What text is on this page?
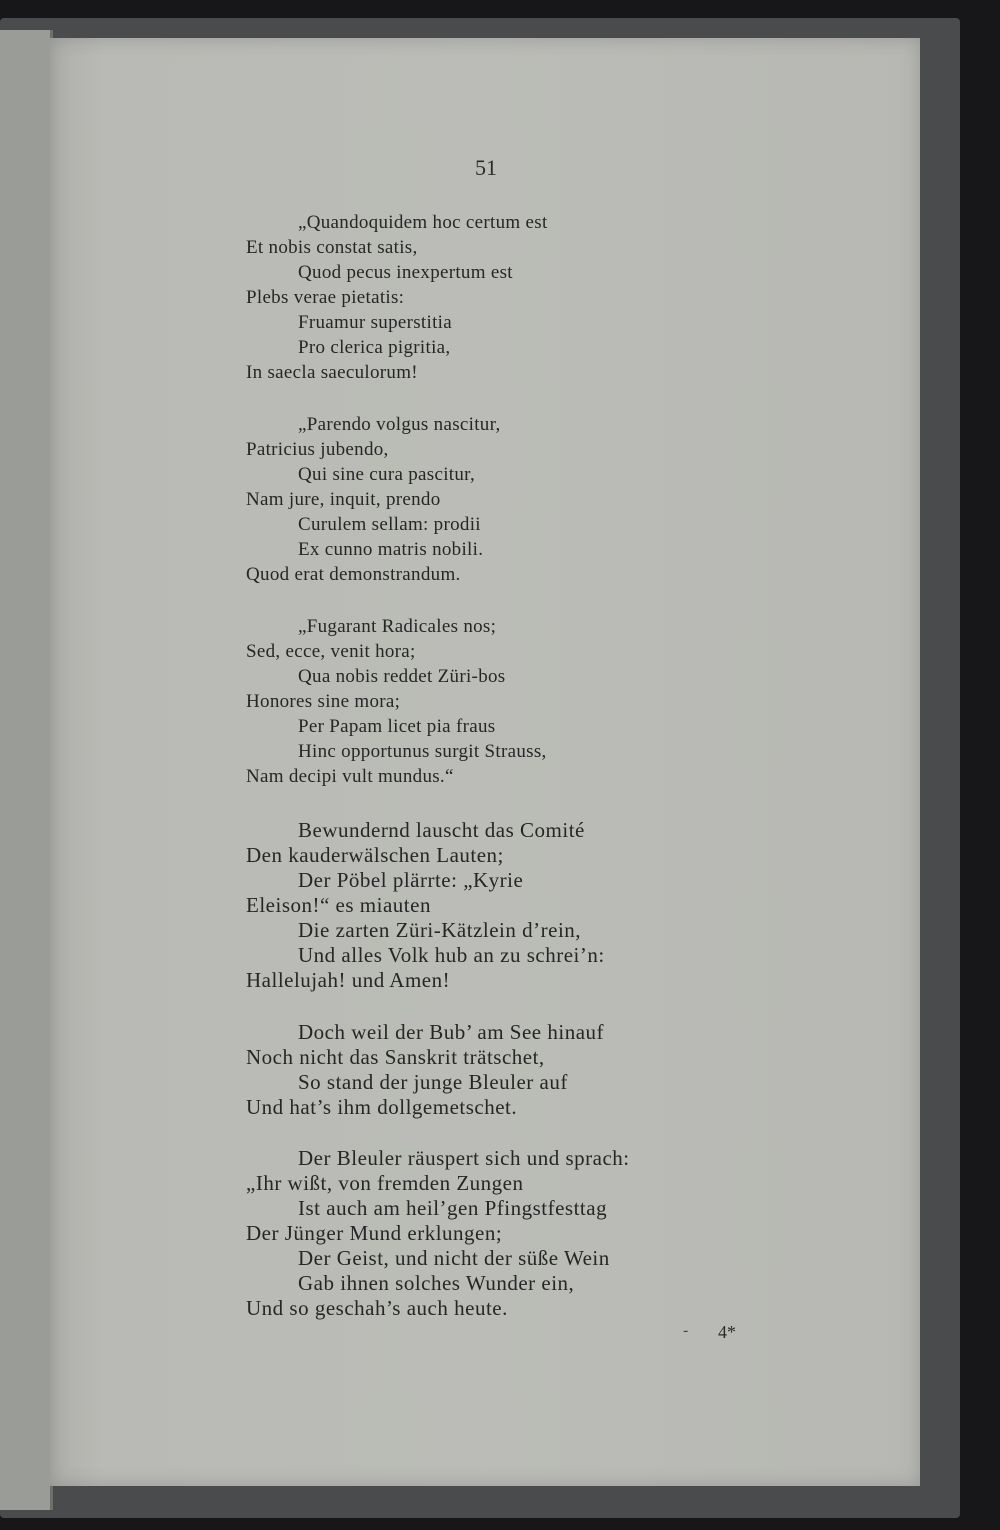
51
„Quandoquidem hoc certum est
Et nobis constat satis,
Quod pecus inexpertum est
Plebs verae pietatis:
Fruamur superstitia
Pro clerica pigritia,
In saecla saeculorum!
„Parendo volgus nascitur,
Patricius jubendo,
Qui sine cura pascitur,
Nam jure, inquit, prendo
Curulem sellam: prodii
Ex cunno matris nobili.
Quod erat demonstrandum.
„Fugarant Radicales nos;
Sed, ecce, venit hora;
Qua nobis reddet Züri-bos
Honores sine mora;
Per Papam licet pia fraus
Hinc opportunus surgit Strauss,
Nam decipi vult mundus.“
Bewundernd lauscht das Comité
Den kauderwälschen Lauten;
Der Pöbel plärrte: „Kyrie
Eleison!“ es miauten
Die zarten Züri-Kätzlein d’rein,
Und alles Volk hub an zu schrei’n:
Hallelujah! und Amen!
Doch weil der Bub’ am See hinauf
Noch nicht das Sanskrit trätschet,
So stand der junge Bleuler auf
Und hat’s ihm dollgemetschet.
Der Bleuler räuspert sich und sprach:
„Ihr wißt, von fremden Zungen
Ist auch am heil’gen Pfingstfesttag
Der Jünger Mund erklungen;
Der Geist, und nicht der süße Wein
Gab ihnen solches Wunder ein,
Und so geschah’s auch heute.
- 4*
